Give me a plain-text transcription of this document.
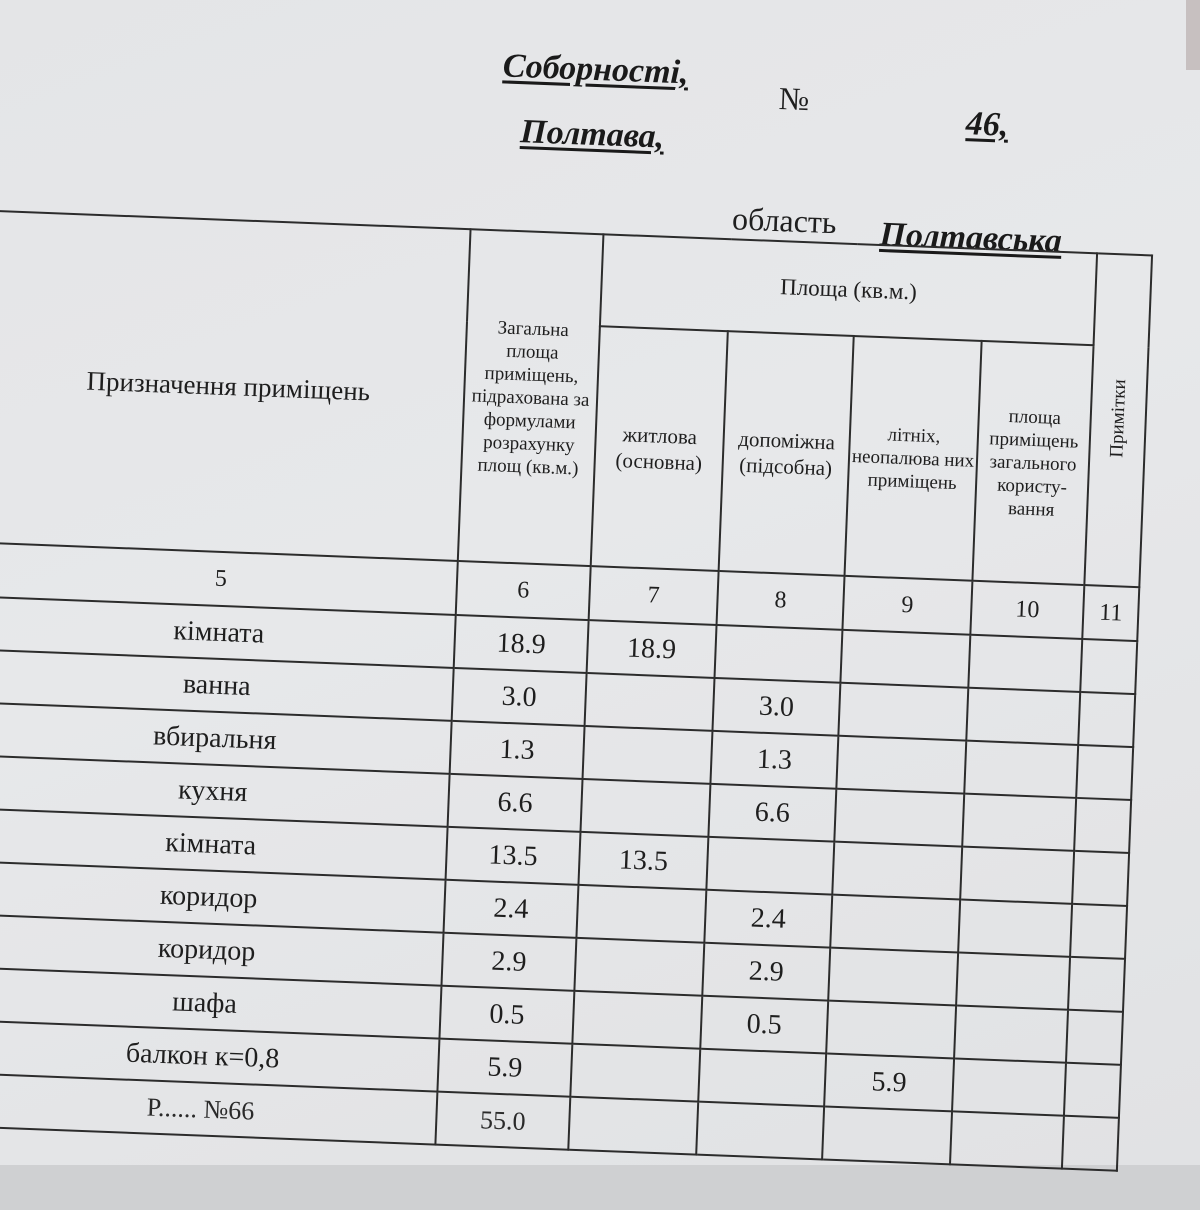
Соборності,
№
Полтава,	46,
область Полтавська
	Призначення приміщень	Загальна площа приміщень, підрахована за формулами розрахунку площ (кв.м.)	Площа (кв.м.)				Примітки
			житлова (основна)	допоміжна (підсобна)	літніх, неопалюва них приміщень	площа приміщень загального користу-вання	
	5	6	7	8	9	10	11
	кімната	18.9	18.9				
	ванна	3.0		3.0			
	вбиральня	1.3		1.3			
	кухня	6.6		6.6			
	кімната	13.5	13.5				
	коридор	2.4		2.4			
	коридор	2.9		2.9			
	шафа	0.5		0.5			
	балкон к=0,8	5.9			5.9		
	Р...... №66	55.0					
